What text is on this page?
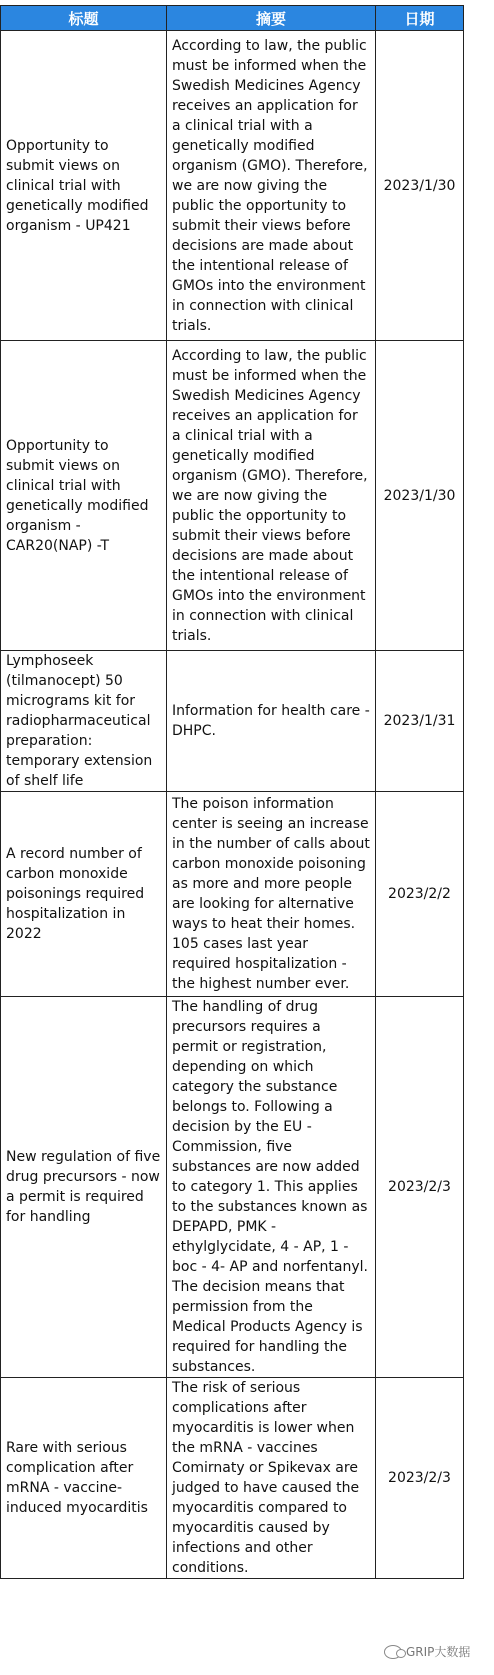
标题	摘要	日期
Opportunity to submit views on clinical trial with genetically modified organism - UP421	According to law, the public must be informed when the Swedish Medicines Agency receives an application for a clinical trial with a genetically modified organism (GMO). Therefore, we are now giving the public the opportunity to submit their views before decisions are made about the intentional release of GMOs into the environment in connection with clinical trials.	2023/1/30
Opportunity to submit views on clinical trial with genetically modified organism - CAR20(NAP) -T	According to law, the public must be informed when the Swedish Medicines Agency receives an application for a clinical trial with a genetically modified organism (GMO). Therefore, we are now giving the public the opportunity to submit their views before decisions are made about the intentional release of GMOs into the environment in connection with clinical trials.	2023/1/30
Lymphoseek (tilmanocept) 50 micrograms kit for radiopharmaceutical preparation: temporary extension of shelf life	Information for health care - DHPC.	2023/1/31
A record number of carbon monoxide poisonings required hospitalization in 2022	The poison information center is seeing an increase in the number of calls about carbon monoxide poisoning as more and more people are looking for alternative ways to heat their homes. 105 cases last year required hospitalization - the highest number ever.	2023/2/2
New regulation of five drug precursors - now a permit is required for handling	The handling of drug precursors requires a permit or registration, depending on which category the substance belongs to. Following a decision by the EU - Commission, five substances are now added to category 1. This applies to the substances known as DEPAPD, PMK - ethylglycidate, 4 - AP, 1 - boc - 4- AP and norfentanyl. The decision means that permission from the Medical Products Agency is required for handling the substances.	2023/2/3
Rare with serious complication after mRNA - vaccine-induced myocarditis	The risk of serious complications after myocarditis is lower when the mRNA - vaccines Comirnaty or Spikevax are judged to have caused the myocarditis compared to myocarditis caused by infections and other conditions.	2023/2/3
GRIP大数据
